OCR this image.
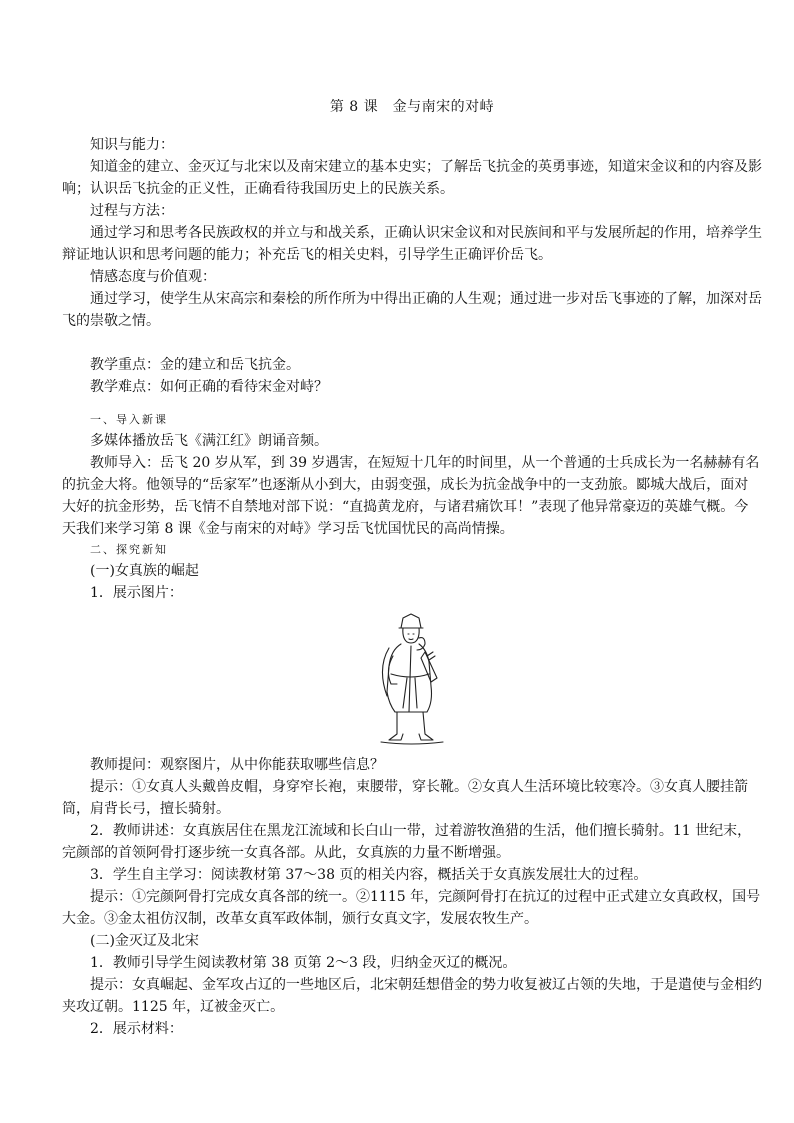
第 8 课　金与南宋的对峙

知识与能力：

知道金的建立、金灭辽与北宋以及南宋建立的基本史实；了解岳飞抗金的英勇事迹，知道宋金议和的内容及影响；认识岳飞抗金的正义性，正确看待我国历史上的民族关系。

过程与方法：

通过学习和思考各民族政权的并立与和战关系，正确认识宋金议和对民族间和平与发展所起的作用，培养学生辩证地认识和思考问题的能力；补充岳飞的相关史料，引导学生正确评价岳飞。

情感态度与价值观：

通过学习，使学生从宋高宗和秦桧的所作所为中得出正确的人生观；通过进一步对岳飞事迹的了解，加深对岳飞的崇敬之情。

教学重点：金的建立和岳飞抗金。

教学难点：如何正确的看待宋金对峙？

一、导入新课

多媒体播放岳飞《满江红》朗诵音频。

教师导入：岳飞 20 岁从军，到 39 岁遇害，在短短十几年的时间里，从一个普通的士兵成长为一名赫赫有名的抗金大将。他领导的“岳家军”也逐渐从小到大，由弱变强，成长为抗金战争中的一支劲旅。郾城大战后，面对大好的抗金形势，岳飞情不自禁地对部下说：“直捣黄龙府，与诸君痛饮耳！”表现了他异常豪迈的英雄气概。今天我们来学习第 8 课《金与南宋的对峙》学习岳飞忧国忧民的高尚情操。

二、探究新知

(一)女真族的崛起

1．展示图片：

教师提问：观察图片，从中你能获取哪些信息？

提示：①女真人头戴兽皮帽，身穿窄长袍，束腰带，穿长靴。②女真人生活环境比较寒冷。③女真人腰挂箭筒，肩背长弓，擅长骑射。

2．教师讲述：女真族居住在黑龙江流域和长白山一带，过着游牧渔猎的生活，他们擅长骑射。11 世纪末，完颜部的首领阿骨打逐步统一女真各部。从此，女真族的力量不断增强。

3．学生自主学习：阅读教材第 37～38 页的相关内容，概括关于女真族发展壮大的过程。

提示：①完颜阿骨打完成女真各部的统一。②1115 年，完颜阿骨打在抗辽的过程中正式建立女真政权，国号大金。③金太祖仿汉制，改革女真军政体制，颁行女真文字，发展农牧生产。

(二)金灭辽及北宋

1．教师引导学生阅读教材第 38 页第 2～3 段，归纳金灭辽的概况。

提示：女真崛起、金军攻占辽的一些地区后，北宋朝廷想借金的势力收复被辽占领的失地，于是遣使与金相约夹攻辽朝。1125 年，辽被金灭亡。

2．展示材料：
